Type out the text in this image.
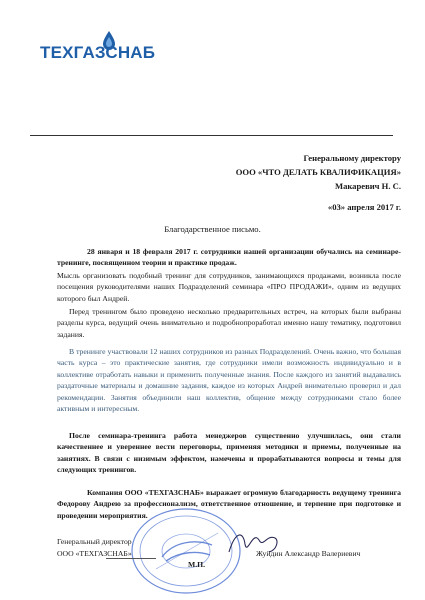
ТЕХГАЗСНАБ
Генеральному директору
ООО «ЧТО ДЕЛАТЬ КВАЛИФИКАЦИЯ»
Макаревич Н. С.
«03» апреля 2017 г.
Благодарственное письмо.

28 января и 18 февраля 2017 г. сотрудники нашей организации обучались на семинаре-тренинге, посвященном теории и практике продаж.

Мысль организовать подобный тренинг для сотрудников, занимающихся продажами, возникла после посещения руководителями наших Подразделений семинара «ПРО ПРОДАЖИ», одним из ведущих которого был Андрей.

Перед тренингом было проведено несколько предварительных встреч, на которых были выбраны разделы курса, ведущий очень внимательно и подробнопроработал именно нашу тематику, подготовил задания.

В тренинге участвовали 12 наших сотрудников из разных Подразделений. Очень важно, что большая часть курса – это практические занятия, где сотрудники имели возможность индивидуально и в коллективе отработать навыки и применить полученные знания. После каждого из занятий выдавались раздаточные материалы и домашние задания, каждое из которых Андрей внимательно проверил и дал рекомендации. Занятия объединили наш коллектив, общение между сотрудниками стало более активным и интересным.

После семинара-тренинга работа менеджеров существенно улучшилась, они стали качественнее и увереннее вести переговоры, применяя методики и приемы, полученные на занятиях. В связи с низимым эффектом, намечены и прорабатываются вопросы и темы для следующих тренингов.

Компания ООО «ТЕХГАЗСНАБ» выражает огромную благодарность ведущему тренинга Федорову Андрею за профессионализм, ответственное отношение, и терпение при подготовке и проведении мероприятия.

Генеральный директор
ООО «ТЕХГАЗСНАБ»	Жуйдин Александр Валериевич
М.П.
